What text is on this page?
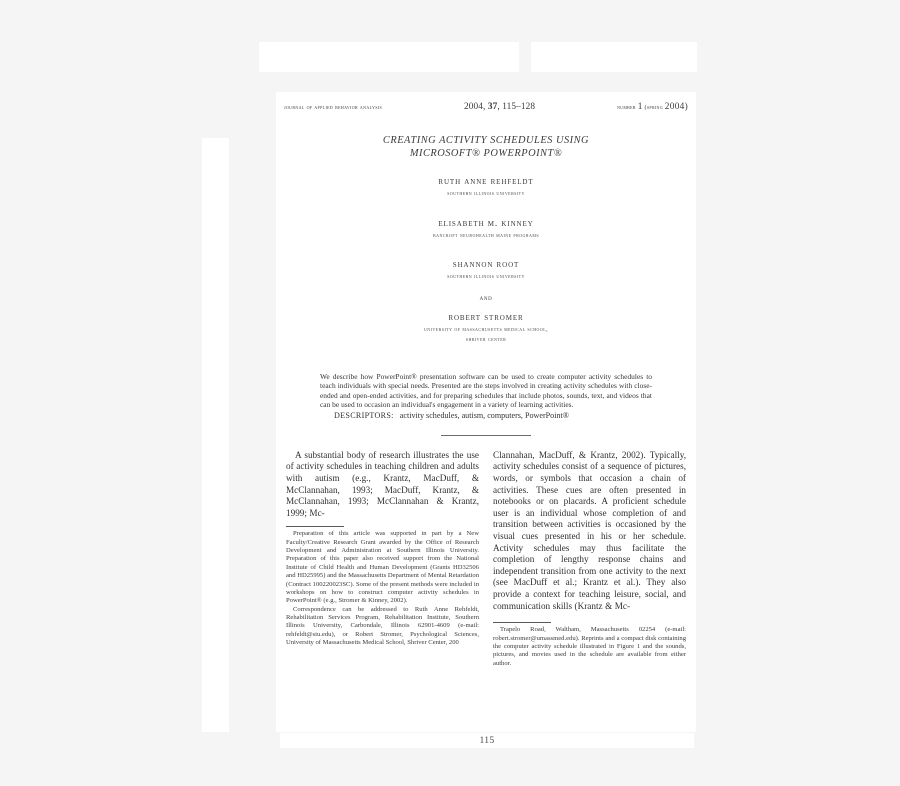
journal of applied behavior analysis	2004, 37, 115–128	number 1 (spring 2004)
CREATING ACTIVITY SCHEDULES USING
MICROSOFT® POWERPOINT®
ruth anne rehfeldt
southern illinois university
elisabeth m. kinney
bancroft neurohealth maine programs
shannon root
southern illinois university
and
robert stromer
university of massachusetts medical school,
shriver center
We describe how PowerPoint® presentation software can be used to create computer activity schedules to teach individuals with special needs. Presented are the steps involved in creating activity schedules with close-ended and open-ended activities, and for preparing schedules that include photos, sounds, text, and videos that can be used to occasion an individual's engagement in a variety of learning activities.
DESCRIPTORS: activity schedules, autism, computers, PowerPoint®

A substantial body of research illustrates the use of activity schedules in teaching children and adults with autism (e.g., Krantz, MacDuff, & McClannahan, 1993; MacDuff, Krantz, & McClannahan, 1993; McClannahan & Krantz, 1999; Mc-

Preparation of this article was supported in part by a New Faculty/Creative Research Grant awarded by the Office of Research Development and Administration at Southern Illinois University. Preparation of this paper also received support from the National Institute of Child Health and Human Development (Grants HD32506 and HD25995) and the Massachusetts Department of Mental Retardation (Contract 100220023SC). Some of the present methods were included in workshops on how to construct computer activity schedules in PowerPoint® (e.g., Stromer & Kinney, 2002).

Correspondence can be addressed to Ruth Anne Rehfeldt, Rehabilitation Services Program, Rehabilitation Institute, Southern Illinois University, Carbondale, Illinois 62901-4609 (e-mail: rehfeldt@siu.edu), or Robert Stromer, Psychological Sciences, University of Massachusetts Medical School, Shriver Center, 200

Clannahan, MacDuff, & Krantz, 2002). Typically, activity schedules consist of a sequence of pictures, words, or symbols that occasion a chain of activities. These cues are often presented in notebooks or on placards. A proficient schedule user is an individual whose completion of and transition between activities is occasioned by the visual cues presented in his or her schedule. Activity schedules may thus facilitate the completion of lengthy response chains and independent transition from one activity to the next (see MacDuff et al.; Krantz et al.). They also provide a context for teaching leisure, social, and communication skills (Krantz & Mc-

Trapelo Road, Waltham, Massachusetts 02254 (e-mail: robert.stromer@umassmed.edu). Reprints and a compact disk containing the computer activity schedule illustrated in Figure 1 and the sounds, pictures, and movies used in the schedule are available from either author.

115
